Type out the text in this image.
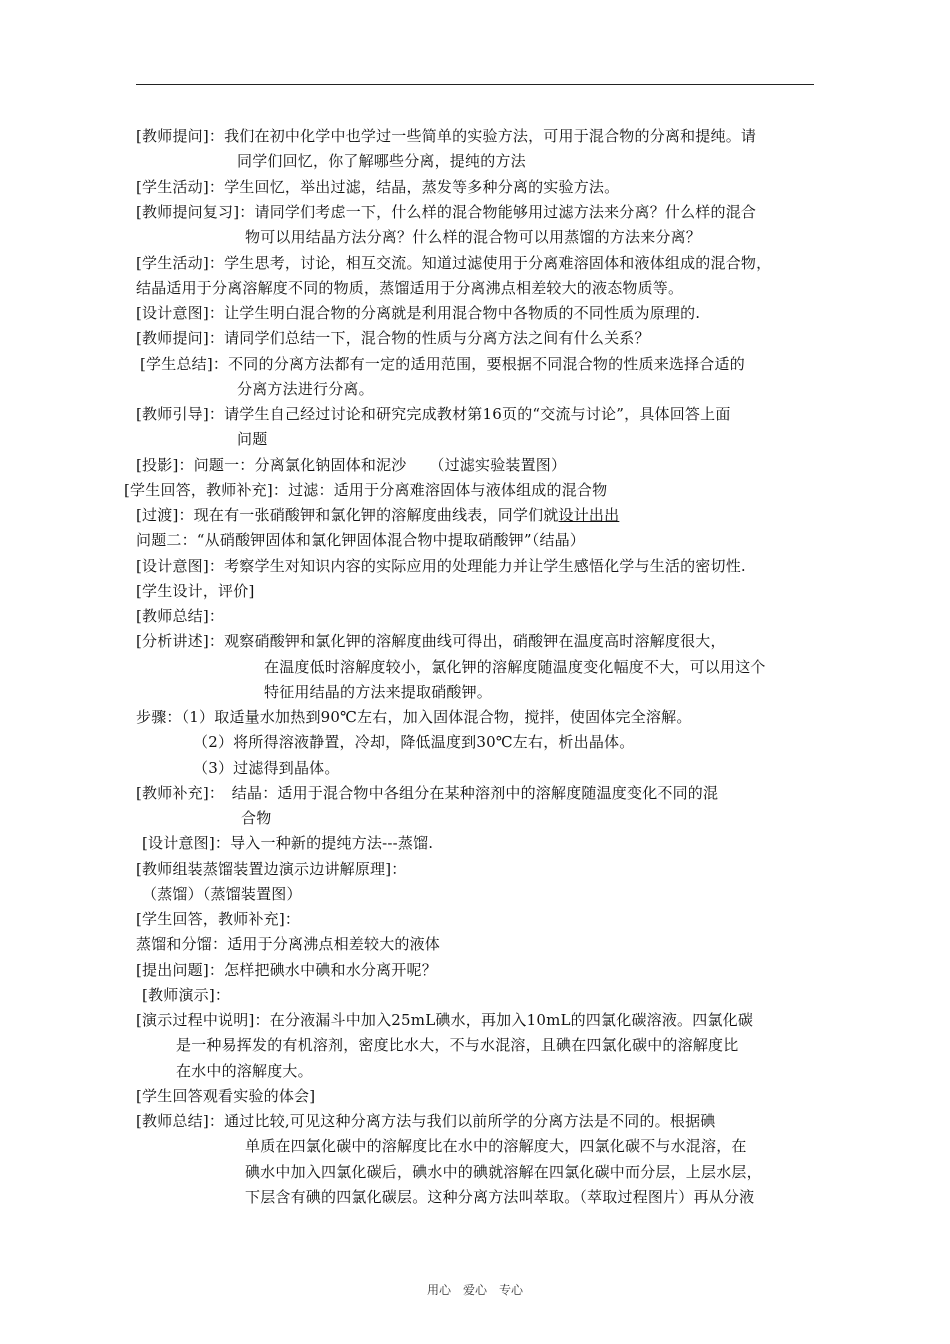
[教师提问]：我们在初中化学中也学过一些简单的实验方法，可用于混合物的分离和提纯。请
同学们回忆，你了解哪些分离，提纯的方法
[学生活动]：学生回忆，举出过滤，结晶，蒸发等多种分离的实验方法。
[教师提问复习]：请同学们考虑一下，什么样的混合物能够用过滤方法来分离？什么样的混合
物可以用结晶方法分离？什么样的混合物可以用蒸馏的方法来分离？
[学生活动]：学生思考，讨论，相互交流。知道过滤使用于分离难溶固体和液体组成的混合物，
结晶适用于分离溶解度不同的物质，蒸馏适用于分离沸点相差较大的液态物质等。
[设计意图]：让学生明白混合物的分离就是利用混合物中各物质的不同性质为原理的.
[教师提问]：请同学们总结一下，混合物的性质与分离方法之间有什么关系？
[学生总结]：不同的分离方法都有一定的适用范围，要根据不同混合物的性质来选择合适的
分离方法进行分离。
[教师引导]：请学生自己经过讨论和研究完成教材第16页的“交流与讨论”，具体回答上面
问题
[投影]：问题一：分离氯化钠固体和泥沙　　（过滤实验装置图）
[学生回答，教师补充]：过滤：适用于分离难溶固体与液体组成的混合物
[过渡]：现在有一张硝酸钾和氯化钾的溶解度曲线表，同学们就设计出出
问题二：“从硝酸钾固体和氯化钾固体混合物中提取硝酸钾”（结晶）
[设计意图]：考察学生对知识内容的实际应用的处理能力并让学生感悟化学与生活的密切性.
[学生设计，评价]
[教师总结]：
[分析讲述]：观察硝酸钾和氯化钾的溶解度曲线可得出，硝酸钾在温度高时溶解度很大，
在温度低时溶解度较小，氯化钾的溶解度随温度变化幅度不大，可以用这个
特征用结晶的方法来提取硝酸钾。
步骤：（1）取适量水加热到90℃左右，加入固体混合物，搅拌，使固体完全溶解。
（2）将所得溶液静置，冷却，降低温度到30℃左右，析出晶体。
（3）过滤得到晶体。
[教师补充]：　结晶：适用于混合物中各组分在某种溶剂中的溶解度随温度变化不同的混
合物
[设计意图]：导入一种新的提纯方法---蒸馏.
[教师组装蒸馏装置边演示边讲解原理]：
（蒸馏）（蒸馏装置图）
[学生回答，教师补充]：
蒸馏和分馏：适用于分离沸点相差较大的液体
[提出问题]：怎样把碘水中碘和水分离开呢？
[教师演示]：
[演示过程中说明]：在分液漏斗中加入25mL碘水，再加入10mL的四氯化碳溶液。四氯化碳
是一种易挥发的有机溶剂，密度比水大，不与水混溶，且碘在四氯化碳中的溶解度比
在水中的溶解度大。
[学生回答观看实验的体会]
[教师总结]：通过比较,可见这种分离方法与我们以前所学的分离方法是不同的。根据碘
单质在四氯化碳中的溶解度比在水中的溶解度大，四氯化碳不与水混溶，在
碘水中加入四氯化碳后，碘水中的碘就溶解在四氯化碳中而分层，上层水层，
下层含有碘的四氯化碳层。这种分离方法叫萃取。（萃取过程图片）再从分液
用心　爱心　专心
